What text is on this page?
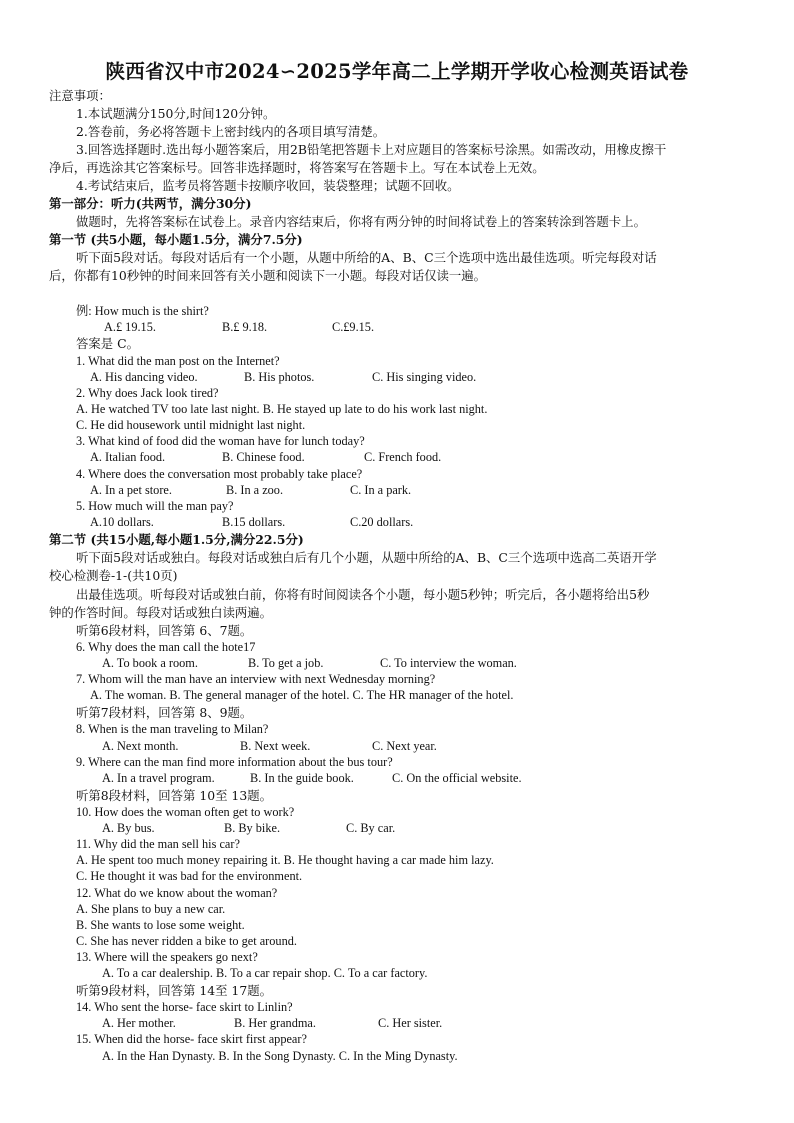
陕西省汉中市2024∽2025学年高二上学期开学收心检测英语试卷
注意事项：
1.本试题满分150分,时间120分钟。
2.答卷前，务必将答题卡上密封线内的各项目填写清楚。
3.回答选择题时.选出每小题答案后，用2B铅笔把答题卡上对应题目的答案标号涂黑。如需改动，用橡皮擦干
净后，再选涂其它答案标号。回答非选择题时，将答案写在答题卡上。写在本试卷上无效。
4.考试结束后，监考员将答题卡按顺序收回，装袋整理；试题不回收。
第一部分：听力(共两节，满分30分)
做题时，先将答案标在试卷上。录音内容结束后，你将有两分钟的时间将试卷上的答案转涂到答题卡上。
第一节 (共5小题，每小题1.5分，满分7.5分)
听下面5段对话。每段对话后有一个小题，从题中所给的A、B、C三个选项中选出最佳选项。听完每段对话
后，你都有10秒钟的时间来回答有关小题和阅读下一小题。每段对话仅读一遍。
例: How much is the shirt?
A.£ 19.15.	B.£ 9.18.	C.£9.15.
答案是 C。
1. What did the man post on the Internet?
A. His dancing video.	B. His photos.	C. His singing video.
2. Why does Jack look tired?
A. He watched TV too late last night. B. He stayed up late to do his work last night.
C. He did housework until midnight last night.
3. What kind of food did the woman have for lunch today?
A. Italian food.	B. Chinese food.	C. French food.
4. Where does the conversation most probably take place?
A. In a pet store.	B. In a zoo.	C. In a park.
5. How much will the man pay?
A.10 dollars.	B.15 dollars.	C.20 dollars.
第二节 (共15小题,每小题1.5分,满分22.5分)
听下面5段对话或独白。每段对话或独白后有几个小题，从题中所给的A、B、C三个选项中选高二英语开学
校心检测卷-1-(共10页)
出最佳选项。听每段对话或独白前，你将有时间阅读各个小题，每小题5秒钟；听完后，各小题将给出5秒
钟的作答时间。每段对话或独白读两遍。
听第6段材料，回答第 6、7题。
6. Why does the man call the hote17
A. To book a room.	B. To get a job.	C. To interview the woman.
7. Whom will the man have an interview with next Wednesday morning?
A. The woman. B. The general manager of the hotel. C. The HR manager of the hotel.
听第7段材料，回答第 8、9题。
8. When is the man traveling to Milan?
A. Next month.	B. Next week.	C. Next year.
9. Where can the man find more information about the bus tour?
A. In a travel program.	B. In the guide book.	C. On the official website.
听第8段材料，回答第 10至 13题。
10. How does the woman often get to work?
A. By bus.	B. By bike.	C. By car.
11. Why did the man sell his car?
A. He spent too much money repairing it. B. He thought having a car made him lazy.
C. He thought it was bad for the environment.
12. What do we know about the woman?
A. She plans to buy a new car.
B. She wants to lose some weight.
C. She has never ridden a bike to get around.
13. Where will the speakers go next?
A. To a car dealership. B. To a car repair shop. C. To a car factory.
听第9段材料，回答第 14至 17题。
14. Who sent the horse- face skirt to Linlin?
A. Her mother.	B. Her grandma.	C. Her sister.
15. When did the horse- face skirt first appear?
A. In the Han Dynasty. B. In the Song Dynasty. C. In the Ming Dynasty.
